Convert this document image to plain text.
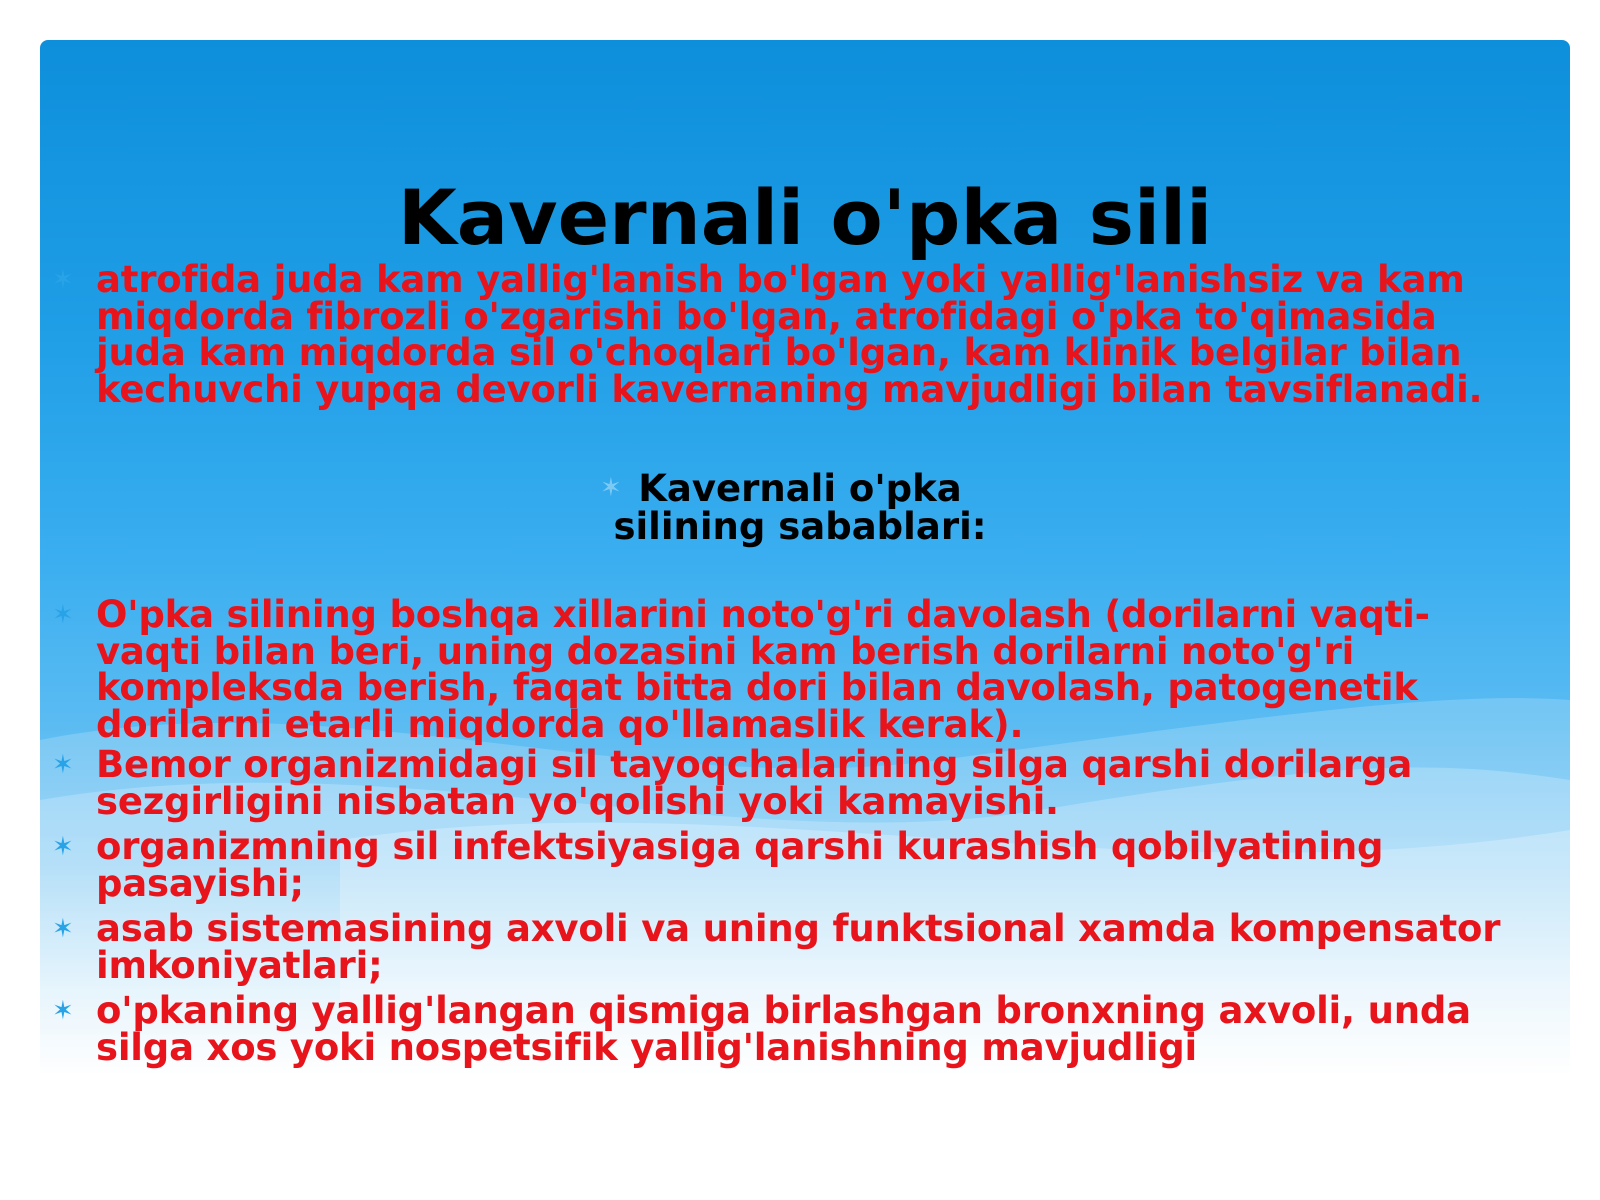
Kavernali o'pka sili
✶ atrofida juda kam yallig'lanish bo'lgan yoki yallig'lanishsiz va kam miqdorda fibrozli o'zgarishi bo'lgan, atrofidagi o'pka to'qimasida juda kam miqdorda sil o'choqlari bo'lgan, kam klinik belgilar bilan kechuvchi yupqa devorli kavernaning mavjudligi bilan tavsiflanadi.
✶ Kavernali o'pka
silining sabablari:
✶ O'pka silining boshqa xillarini noto'g'ri davolash (dorilarni vaqti-vaqti bilan beri, uning dozasini kam berish dorilarni noto'g'ri kompleksda berish, faqat bitta dori bilan davolash, patogenetik dorilarni etarli miqdorda qo'llamaslik kerak).
✶ Bemor organizmidagi sil tayoqchalarining silga qarshi dorilarga sezgirligini nisbatan yo'qolishi yoki kamayishi.
✶ organizmning sil infektsiyasiga qarshi kurashish qobilyatining pasayishi;
✶ asab sistemasining axvoli va uning funktsional xamda kompensator imkoniyatlari;
✶ o'pkaning yallig'langan qismiga birlashgan bronxning axvoli, unda silga xos yoki nospetsifik yallig'lanishning mavjudligi
